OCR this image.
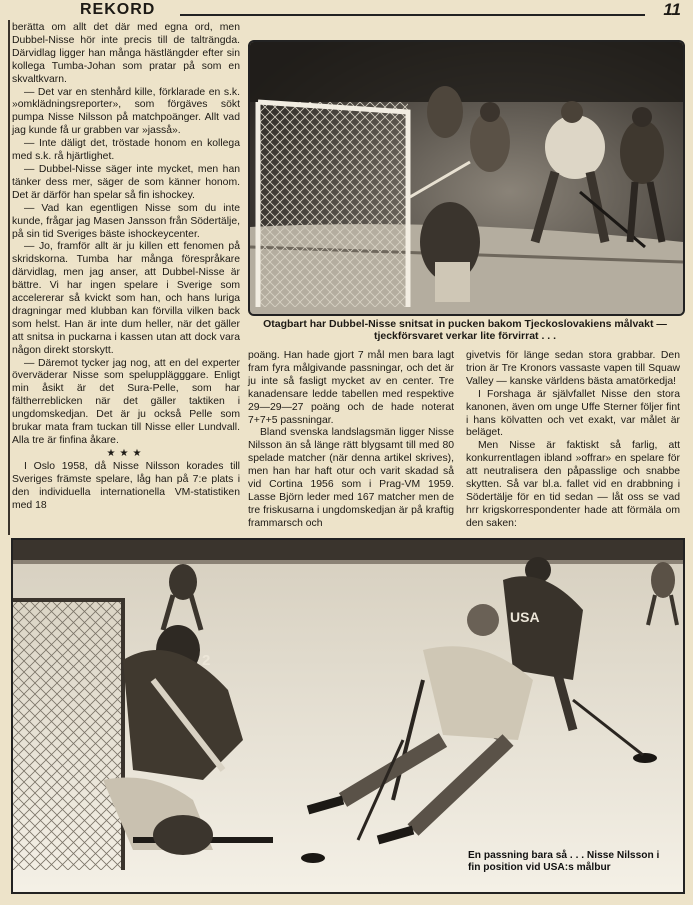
REKORD	11

berätta om allt det där med egna ord, men Dubbel-Nisse hör inte precis till de talträngda. Därvidlag ligger han många hästlängder efter sin kollega Tumba-Johan som pratar på som en skvaltkvarn.

— Det var en stenhård kille, förklarade en s.k. »omklädningsreporter», som förgäves sökt pumpa Nisse Nilsson på matchpoänger. Allt vad jag kunde få ur grabben var »jasså».

— Inte däligt det, tröstade honom en kollega med s.k. rå hjärtlighet.

— Dubbel-Nisse säger inte mycket, men han tänker dess mer, säger de som känner honom. Det är därför han spelar så fin ishockey.

— Vad kan egentligen Nisse som du inte kunde, frågar jag Masen Jansson från Södertälje, på sin tid Sveriges bäste ishockeycenter.

— Jo, framför allt är ju killen ett fenomen på skridskorna. Tumba har många förespråkare därvidlag, men jag anser, att Dubbel-Nisse är bättre. Vi har ingen spelare i Sverige som accelererar så kvickt som han, och hans luriga dragningar med klubban kan förvilla vilken back som helst. Han är inte dum heller, när det gäller att snitsa in puckarna i kassen utan att dock vara någon direkt storskytt.

— Däremot tycker jag nog, att en del experter överväderar Nisse som spelupplägggare. Enligt min åsikt är det Sura-Pelle, som har fältherreblicken när det gäller taktiken i ungdomskedjan. Det är ju också Pelle som brukar mata fram tuckan till Nisse eller Lundvall. Alla tre är finfina åkare.

★★★

I Oslo 1958, då Nisse Nilsson korades till Sveriges främste spelare, låg han på 7:e plats i den individuella internationella VM-statistiken med 18

Otagbart har Dubbel-Nisse snitsat in pucken bakom Tjeckoslovakiens målvakt — tjeckförsvaret verkar lite förvirrat . . .

poäng. Han hade gjort 7 mål men bara lagt fram fyra målgivande passningar, och det är ju inte så fasligt mycket av en center. Tre kanadensare ledde tabellen med respektive 29—29—27 poäng och de hade noterat 7+7+5 passningar.

Bland svenska landslagsmän ligger Nisse Nilsson än så länge rätt blygsamt till med 80 spelade matcher (när denna artikel skrives), men han har haft otur och varit skadad så vid Cortina 1956 som i Prag-VM 1959. Lasse Björn leder med 167 matcher men de tre friskusarna i ungdomskedjan är på kraftig frammarsch och

givetvis för länge sedan stora grabbar. Den trion är Tre Kronors vassaste vapen till Squaw Valley — kanske världens bästa amatörkedja!

I Forshaga är självfallet Nisse den stora kanonen, även om unge Uffe Sterner följer fint i hans kölvatten och vet exakt, var målet är beläget.

Men Nisse är faktiskt så farlig, att konkurrentlagen ibland »offrar» en spelare för att neutralisera den påpasslige och snabbe skytten. Så var bl.a. fallet vid en drabbning i Södertälje för en tid sedan — låt oss se vad hrr krigskorrespondenter hade att förmäla om den saken:

2
USA
En passning bara så . . . Nisse Nilsson i fin position vid USA:s målbur
